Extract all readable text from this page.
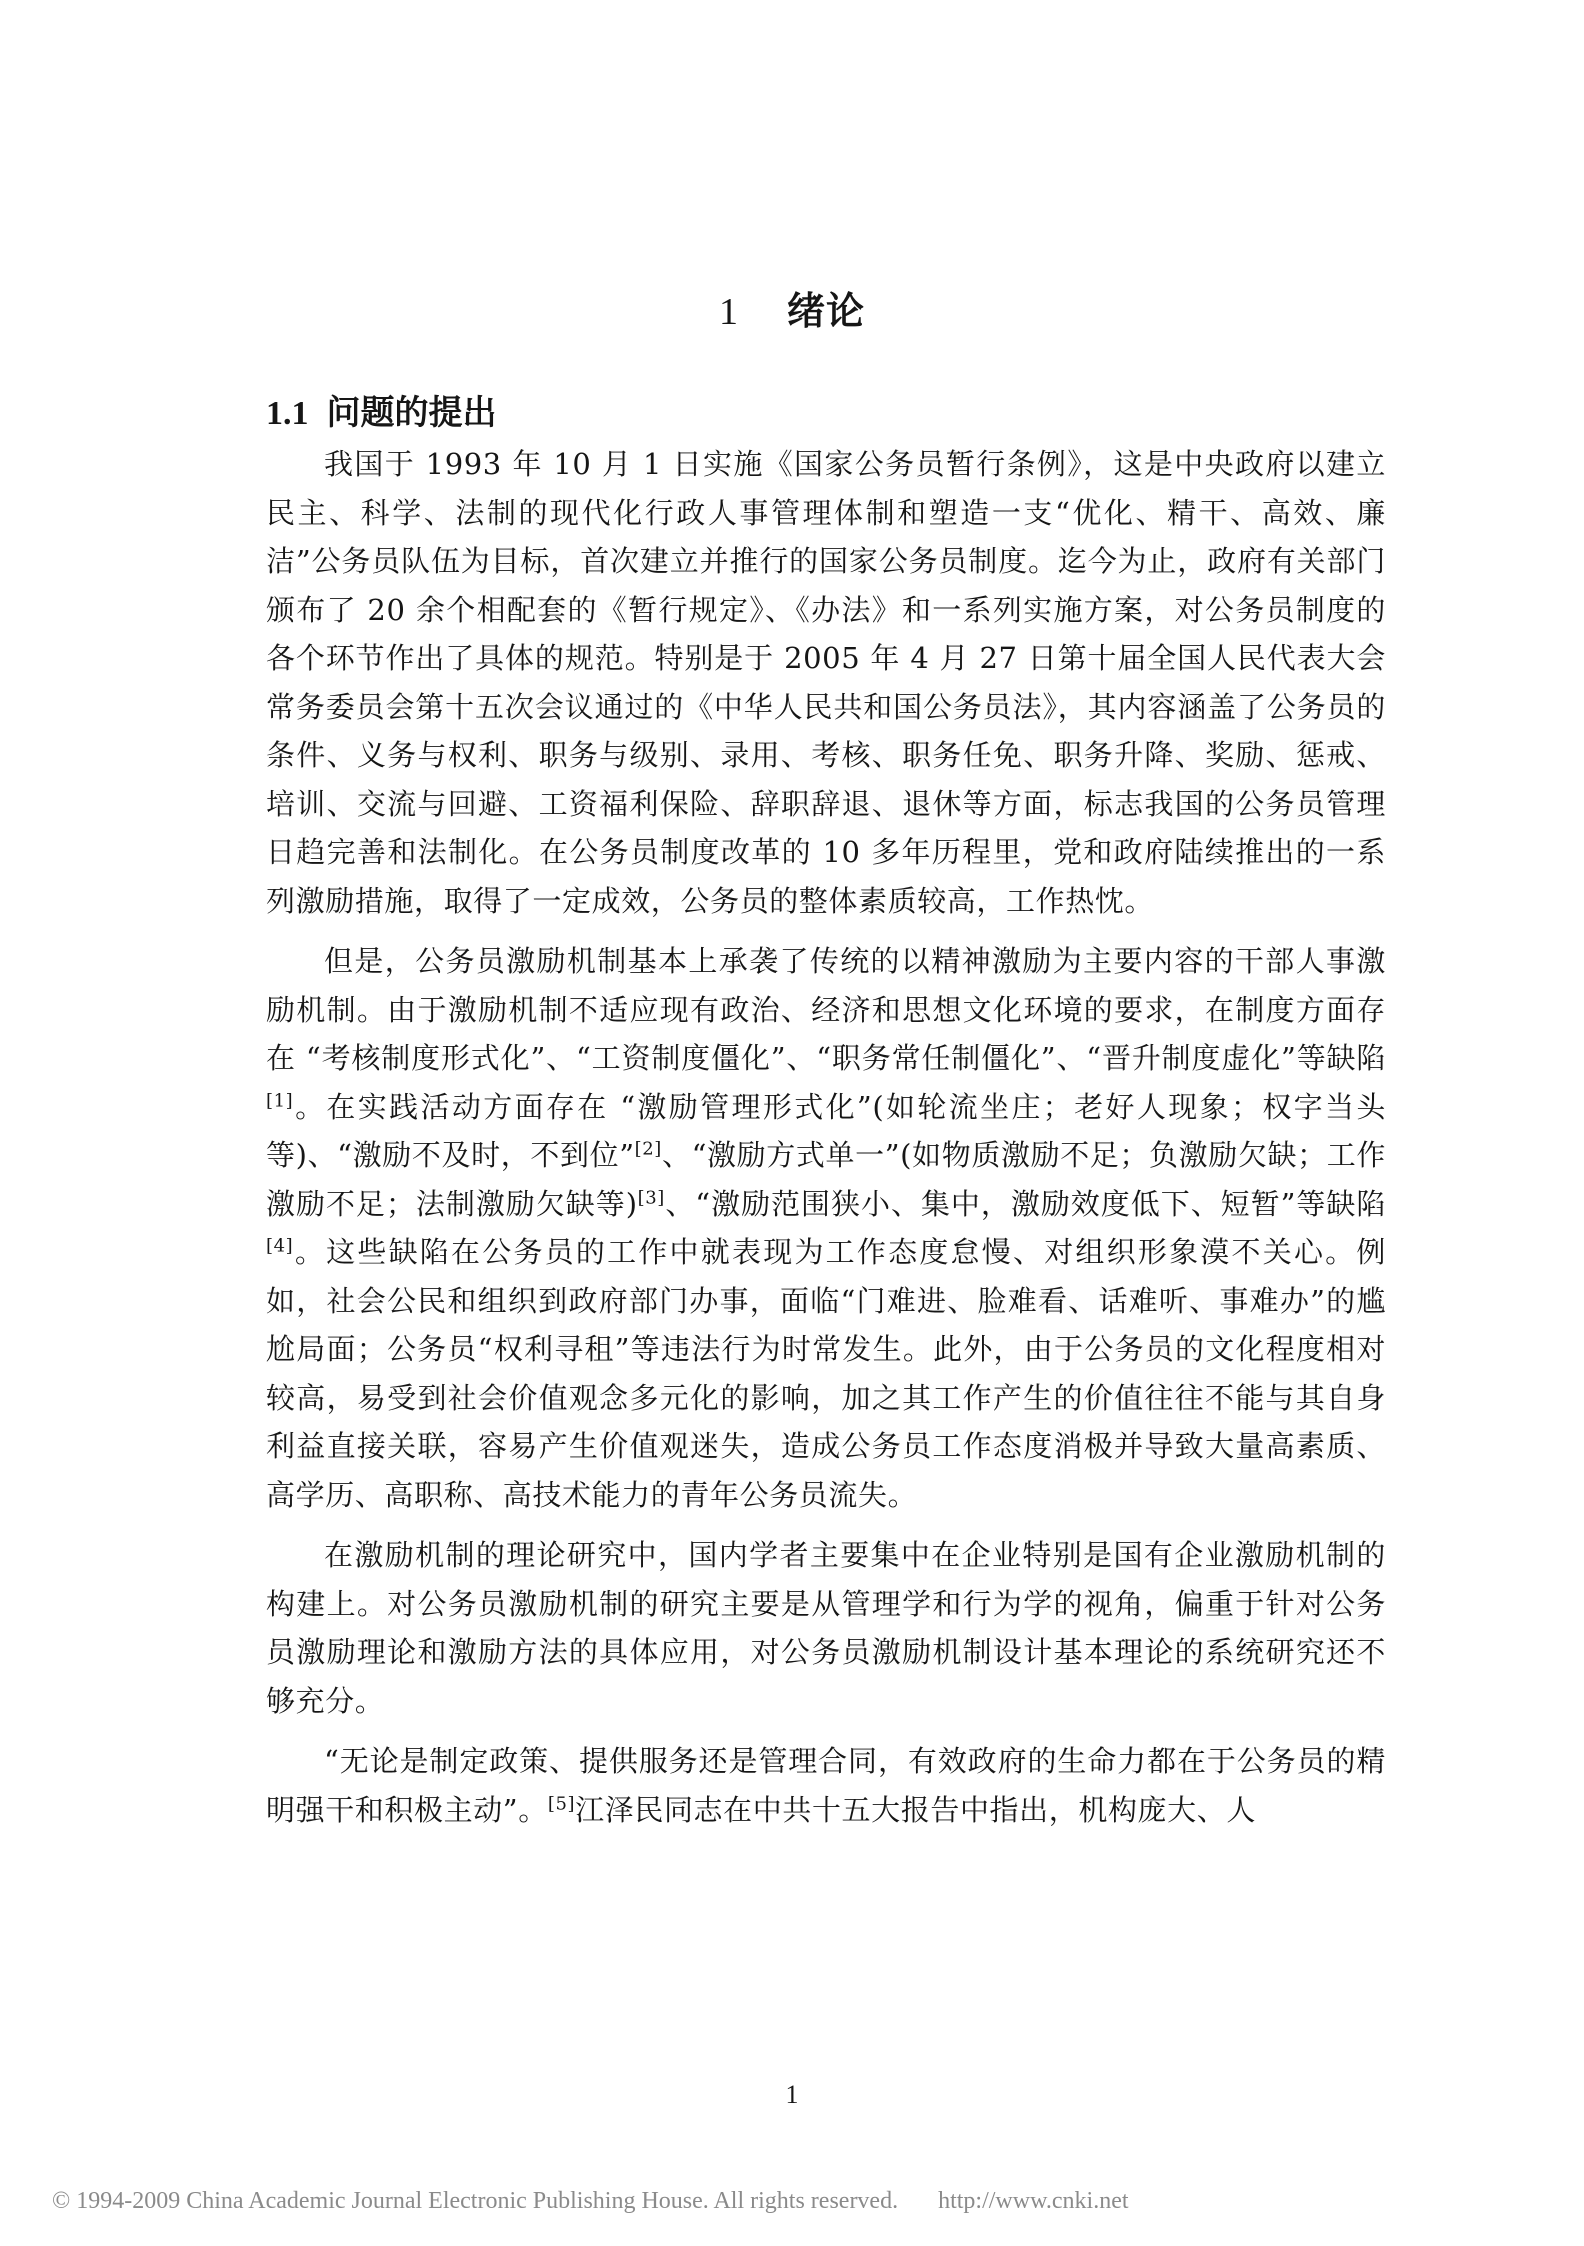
1 绪论
1.1 问题的提出

我国于 1993 年 10 月 1 日实施《国家公务员暂行条例》，这是中央政府以建立民主、科学、法制的现代化行政人事管理体制和塑造一支“优化、精干、高效、廉洁”公务员队伍为目标，首次建立并推行的国家公务员制度。迄今为止，政府有关部门颁布了 20 余个相配套的《暂行规定》、《办法》和一系列实施方案，对公务员制度的各个环节作出了具体的规范。特别是于 2005 年 4 月 27 日第十届全国人民代表大会常务委员会第十五次会议通过的《中华人民共和国公务员法》，其内容涵盖了公务员的条件、义务与权利、职务与级别、录用、考核、职务任免、职务升降、奖励、惩戒、培训、交流与回避、工资福利保险、辞职辞退、退休等方面，标志我国的公务员管理日趋完善和法制化。在公务员制度改革的 10 多年历程里，党和政府陆续推出的一系列激励措施，取得了一定成效，公务员的整体素质较高，工作热忱。

但是，公务员激励机制基本上承袭了传统的以精神激励为主要内容的干部人事激励机制。由于激励机制不适应现有政治、经济和思想文化环境的要求，在制度方面存在 “考核制度形式化”、“工资制度僵化”、“职务常任制僵化”、“晋升制度虚化”等缺陷[1]。在实践活动方面存在 “激励管理形式化”(如轮流坐庄；老好人现象；权字当头等)、“激励不及时，不到位”[2]、“激励方式单一”(如物质激励不足；负激励欠缺；工作激励不足；法制激励欠缺等)[3]、“激励范围狭小、集中，激励效度低下、短暂”等缺陷[4]。这些缺陷在公务员的工作中就表现为工作态度怠慢、对组织形象漠不关心。例如，社会公民和组织到政府部门办事，面临“门难进、脸难看、话难听、事难办”的尴尬局面；公务员“权利寻租”等违法行为时常发生。此外，由于公务员的文化程度相对较高，易受到社会价值观念多元化的影响，加之其工作产生的价值往往不能与其自身利益直接关联，容易产生价值观迷失，造成公务员工作态度消极并导致大量高素质、高学历、高职称、高技术能力的青年公务员流失。

在激励机制的理论研究中，国内学者主要集中在企业特别是国有企业激励机制的构建上。对公务员激励机制的研究主要是从管理学和行为学的视角，偏重于针对公务员激励理论和激励方法的具体应用，对公务员激励机制设计基本理论的系统研究还不够充分。

“无论是制定政策、提供服务还是管理合同，有效政府的生命力都在于公务员的精明强干和积极主动”。[5]江泽民同志在中共十五大报告中指出，机构庞大、人

1
© 1994-2009 China Academic Journal Electronic Publishing House. All rights reserved. http://www.cnki.net
